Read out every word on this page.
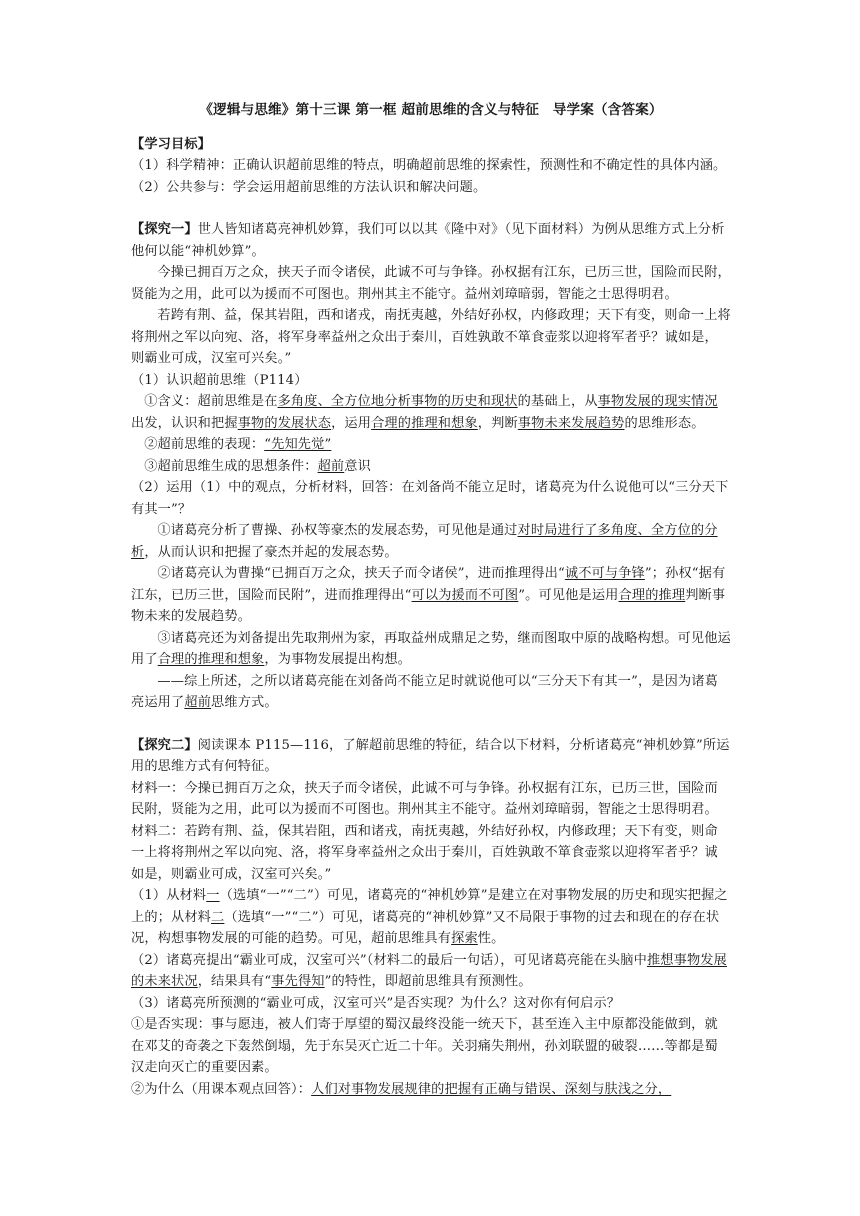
《逻辑与思维》第十三课 第一框 超前思维的含义与特征　导学案（含答案）

【学习目标】

（1）科学精神：正确认识超前思维的特点，明确超前思维的探索性，预测性和不确定性的具体内涵。

（2）公共参与：学会运用超前思维的方法认识和解决问题。

【探究一】世人皆知诸葛亮神机妙算，我们可以以其《隆中对》（见下面材料）为例从思维方式上分析他何以能“神机妙算”。

今操已拥百万之众，挟天子而令诸侯，此诚不可与争锋。孙权据有江东，已历三世，国险而民附，贤能为之用，此可以为援而不可图也。荆州其主不能守。益州刘璋暗弱，智能之士思得明君。

若跨有荆、益，保其岩阻，西和诸戎，南抚夷越，外结好孙权，内修政理；天下有变，则命一上将将荆州之军以向宛、洛，将军身率益州之众出于秦川，百姓孰敢不箪食壶浆以迎将军者乎？诚如是，则霸业可成，汉室可兴矣。”

（1）认识超前思维（P114）

①含义：超前思维是在多角度、全方位地分析事物的历史和现状的基础上，从事物发展的现实情况出发，认识和把握事物的发展状态，运用合理的推理和想象，判断事物未来发展趋势的思维形态。

②超前思维的表现：“先知先觉”

③超前思维生成的思想条件：超前意识

（2）运用（1）中的观点，分析材料，回答：在刘备尚不能立足时，诸葛亮为什么说他可以“三分天下有其一”？

①诸葛亮分析了曹操、孙权等豪杰的发展态势，可见他是通过对时局进行了多角度、全方位的分析，从而认识和把握了豪杰并起的发展态势。

②诸葛亮认为曹操“已拥百万之众，挟天子而令诸侯”，进而推理得出“诚不可与争锋”；孙权“据有江东，已历三世，国险而民附”，进而推理得出“可以为援而不可图”。可见他是运用合理的推理判断事物未来的发展趋势。

③诸葛亮还为刘备提出先取荆州为家，再取益州成鼎足之势，继而图取中原的战略构想。可见他运用了合理的推理和想象，为事物发展提出构想。

——综上所述，之所以诸葛亮能在刘备尚不能立足时就说他可以“三分天下有其一”，是因为诸葛亮运用了超前思维方式。

【探究二】阅读课本 P115—116，了解超前思维的特征，结合以下材料，分析诸葛亮“神机妙算”所运用的思维方式有何特征。

材料一：今操已拥百万之众，挟天子而令诸侯，此诚不可与争锋。孙权据有江东，已历三世，国险而民附，贤能为之用，此可以为援而不可图也。荆州其主不能守。益州刘璋暗弱，智能之士思得明君。

材料二：若跨有荆、益，保其岩阻，西和诸戎，南抚夷越，外结好孙权，内修政理；天下有变，则命一上将将荆州之军以向宛、洛，将军身率益州之众出于秦川，百姓孰敢不箪食壶浆以迎将军者乎？诚如是，则霸业可成，汉室可兴矣。”

（1）从材料一（选填“一”“二”）可见，诸葛亮的“神机妙算”是建立在对事物发展的历史和现实把握之上的；从材料二（选填“一”“二”）可见，诸葛亮的“神机妙算”又不局限于事物的过去和现在的存在状况，构想事物发展的可能的趋势。可见，超前思维具有探索性。

（2）诸葛亮提出“霸业可成，汉室可兴”（材料二的最后一句话），可见诸葛亮能在头脑中推想事物发展的未来状况，结果具有“事先得知”的特性，即超前思维具有预测性。

（3）诸葛亮所预测的“霸业可成，汉室可兴”是否实现？为什么？这对你有何启示？

①是否实现：事与愿违，被人们寄于厚望的蜀汉最终没能一统天下，甚至连入主中原都没能做到，就在邓艾的奇袭之下轰然倒塌，先于东吴灭亡近二十年。关羽痛失荆州，孙刘联盟的破裂……等都是蜀汉走向灭亡的重要因素。

②为什么（用课本观点回答）：人们对事物发展规律的把握有正确与错误、深刻与肤浅之分，
